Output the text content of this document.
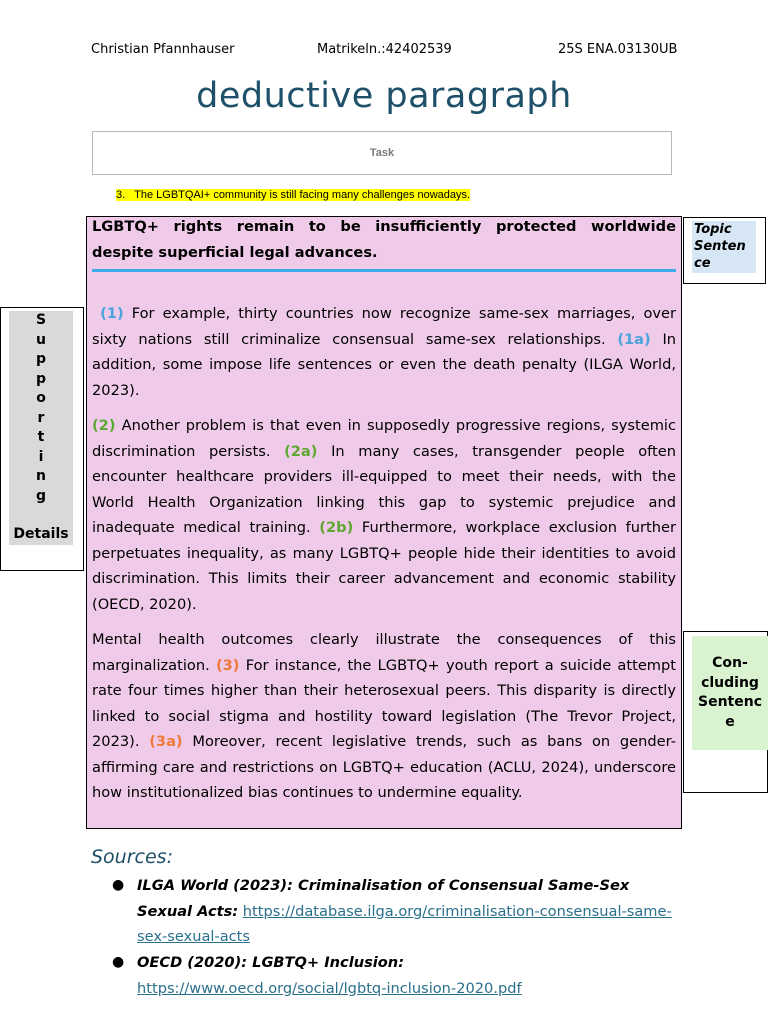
Christian Pfannhauser	Matrikeln.:42402539	25S ENA.03130UB
deductive paragraph
Task
3.   The LGBTQAI+ community is still facing many challenges nowadays.
LGBTQ+ rights remain to be insufficiently protected worldwide despite superficial legal advances.
(1) For example, thirty countries now recognize same-sex marriages, over sixty nations still criminalize consensual same-sex relationships. (1a) In addition, some impose life sentences or even the death penalty (ILGA World, 2023).
(2) Another problem is that even in supposedly progressive regions, systemic discrimination persists. (2a) In many cases, transgender people often encounter healthcare providers ill-equipped to meet their needs, with the World Health Organization linking this gap to systemic prejudice and inadequate medical training. (2b) Furthermore, workplace exclusion further perpetuates inequality, as many LGBTQ+ people hide their identities to avoid discrimination. This limits their career advancement and economic stability (OECD, 2020).
Mental health outcomes clearly illustrate the consequences of this marginalization. (3) For instance, the LGBTQ+ youth report a suicide attempt rate four times higher than their heterosexual peers. This disparity is directly linked to social stigma and hostility toward legislation (The Trevor Project, 2023). (3a) Moreover, recent legislative trends, such as bans on gender-affirming care and restrictions on LGBTQ+ education (ACLU, 2024), underscore how institutionalized bias continues to undermine equality.
Topic
Senten
ce
S
u
p
p
o
r
t
i
n
g
Details
Con-
cluding
Sentenc
e
Sources:
● ILGA World (2023): Criminalisation of Consensual Same-Sex Sexual Acts: https://database.ilga.org/criminalisation-consensual-same-sex-sexual-acts
● OECD (2020): LGBTQ+ Inclusion:
https://www.oecd.org/social/lgbtq-inclusion-2020.pdf
